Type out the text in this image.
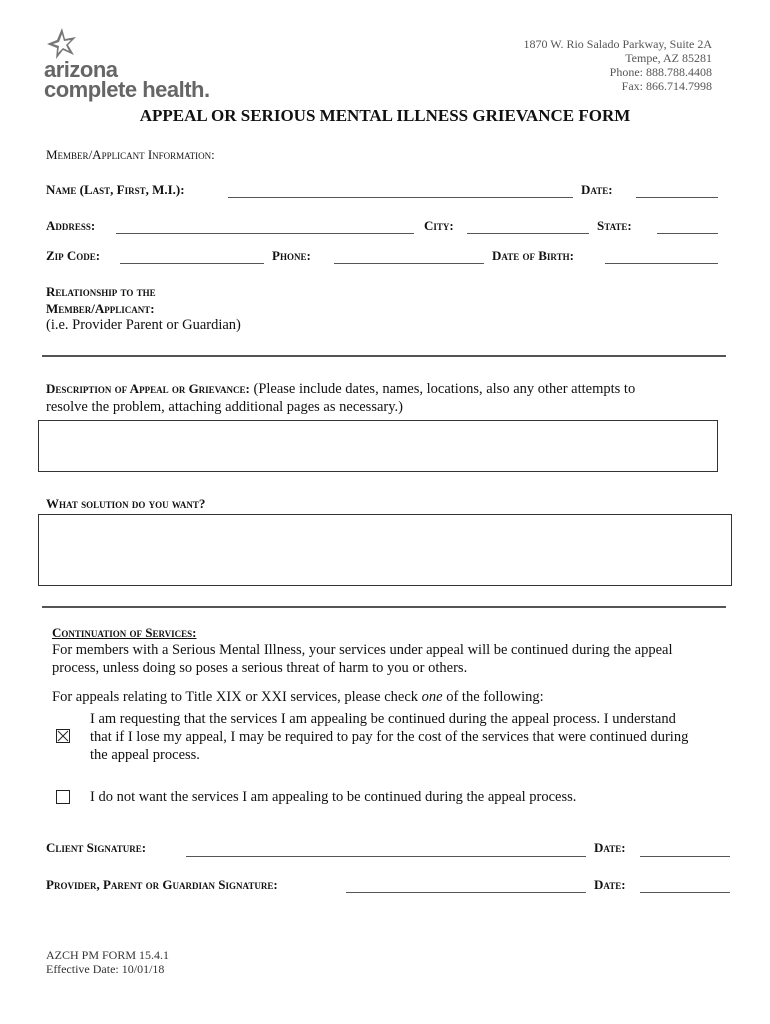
arizona
complete health.
1870 W. Rio Salado Parkway, Suite 2A
Tempe, AZ 85281
Phone: 888.788.4408
Fax: 866.714.7998
APPEAL OR SERIOUS MENTAL ILLNESS GRIEVANCE FORM
Member/Applicant Information:
Name (Last, First, M.I.):	Date:
Address:	City:	State:
Zip Code:	Phone:	Date of Birth:
Relationship to the
Member/Applicant:
(i.e. Provider Parent or Guardian)
Description of Appeal or Grievance: (Please include dates, names, locations, also any other attempts to
resolve the problem, attaching additional pages as necessary.)
What solution do you want?
Continuation of Services:
For members with a Serious Mental Illness, your services under appeal will be continued during the appeal
process, unless doing so poses a serious threat of harm to you or others.
For appeals relating to Title XIX or XXI services, please check one of the following:
I am requesting that the services I am appealing be continued during the appeal process. I understand
that if I lose my appeal, I may be required to pay for the cost of the services that were continued during
the appeal process.
I do not want the services I am appealing to be continued during the appeal process.
Client Signature:	Date:
Provider, Parent or Guardian Signature:	Date:
AZCH PM FORM 15.4.1
Effective Date: 10/01/18
